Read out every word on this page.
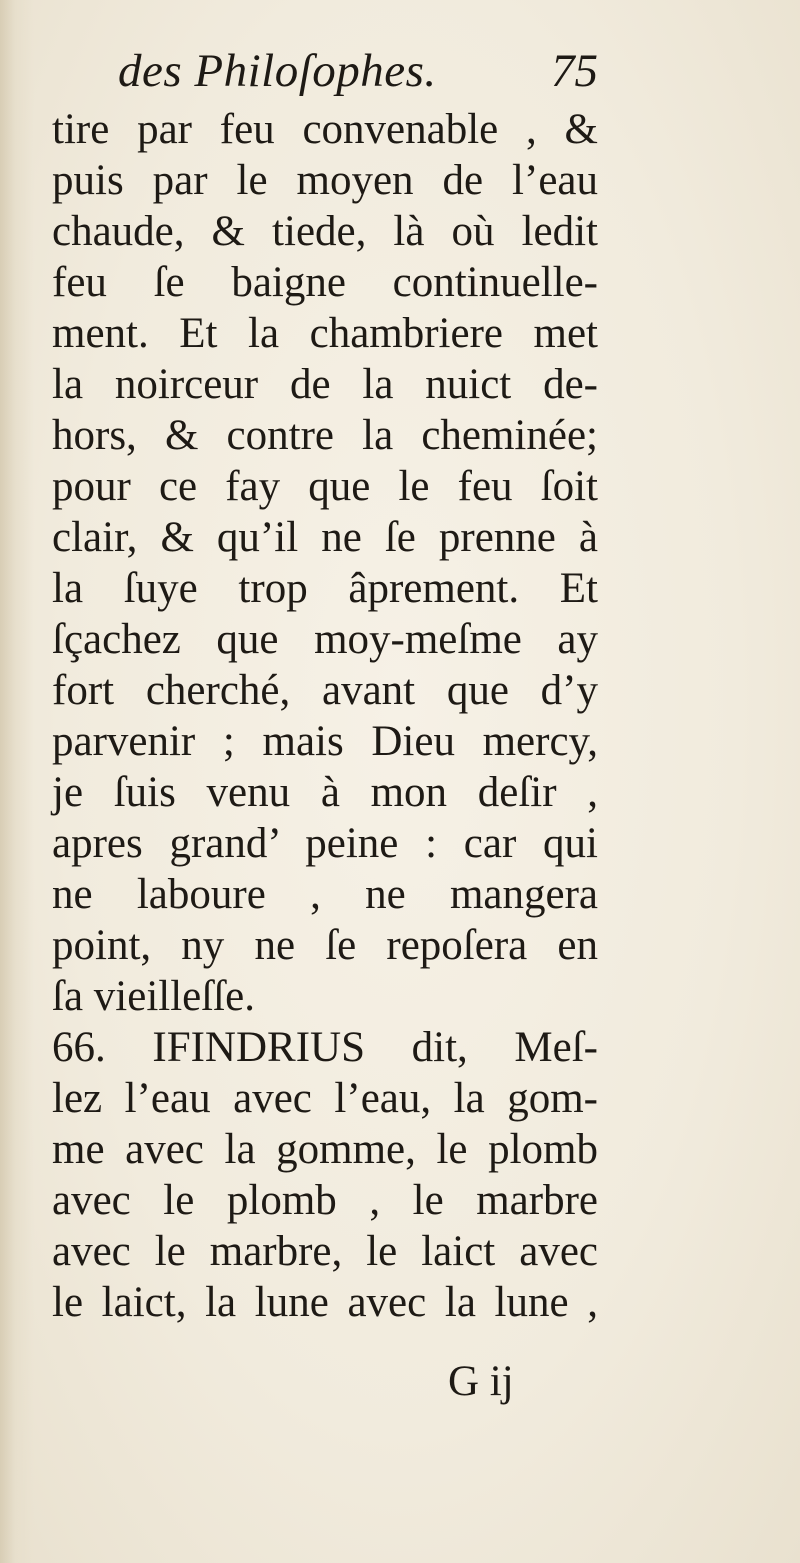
des Philoſophes. 75
tire par feu convenable , &
puis par le moyen de l’eau
chaude, & tiede, là où ledit
feu ſe baigne continuelle-
ment. Et la chambriere met
la noirceur de la nuict de-
hors, & contre la cheminée;
pour ce fay que le feu ſoit
clair, & qu’il ne ſe prenne à
la ſuye trop âprement. Et
ſçachez que moy-meſme ay
fort cherché, avant que d’y
parvenir ; mais Dieu mercy,
je ſuis venu à mon deſir ,
apres grand’ peine : car qui
ne laboure , ne mangera
point, ny ne ſe repoſera en
ſa vieilleſſe.
66. IFINDRIUS dit, Meſ-
lez l’eau avec l’eau, la gom-
me avec la gomme, le plomb
avec le plomb , le marbre
avec le marbre, le laict avec
le laict, la lune avec la lune ,
G ij
